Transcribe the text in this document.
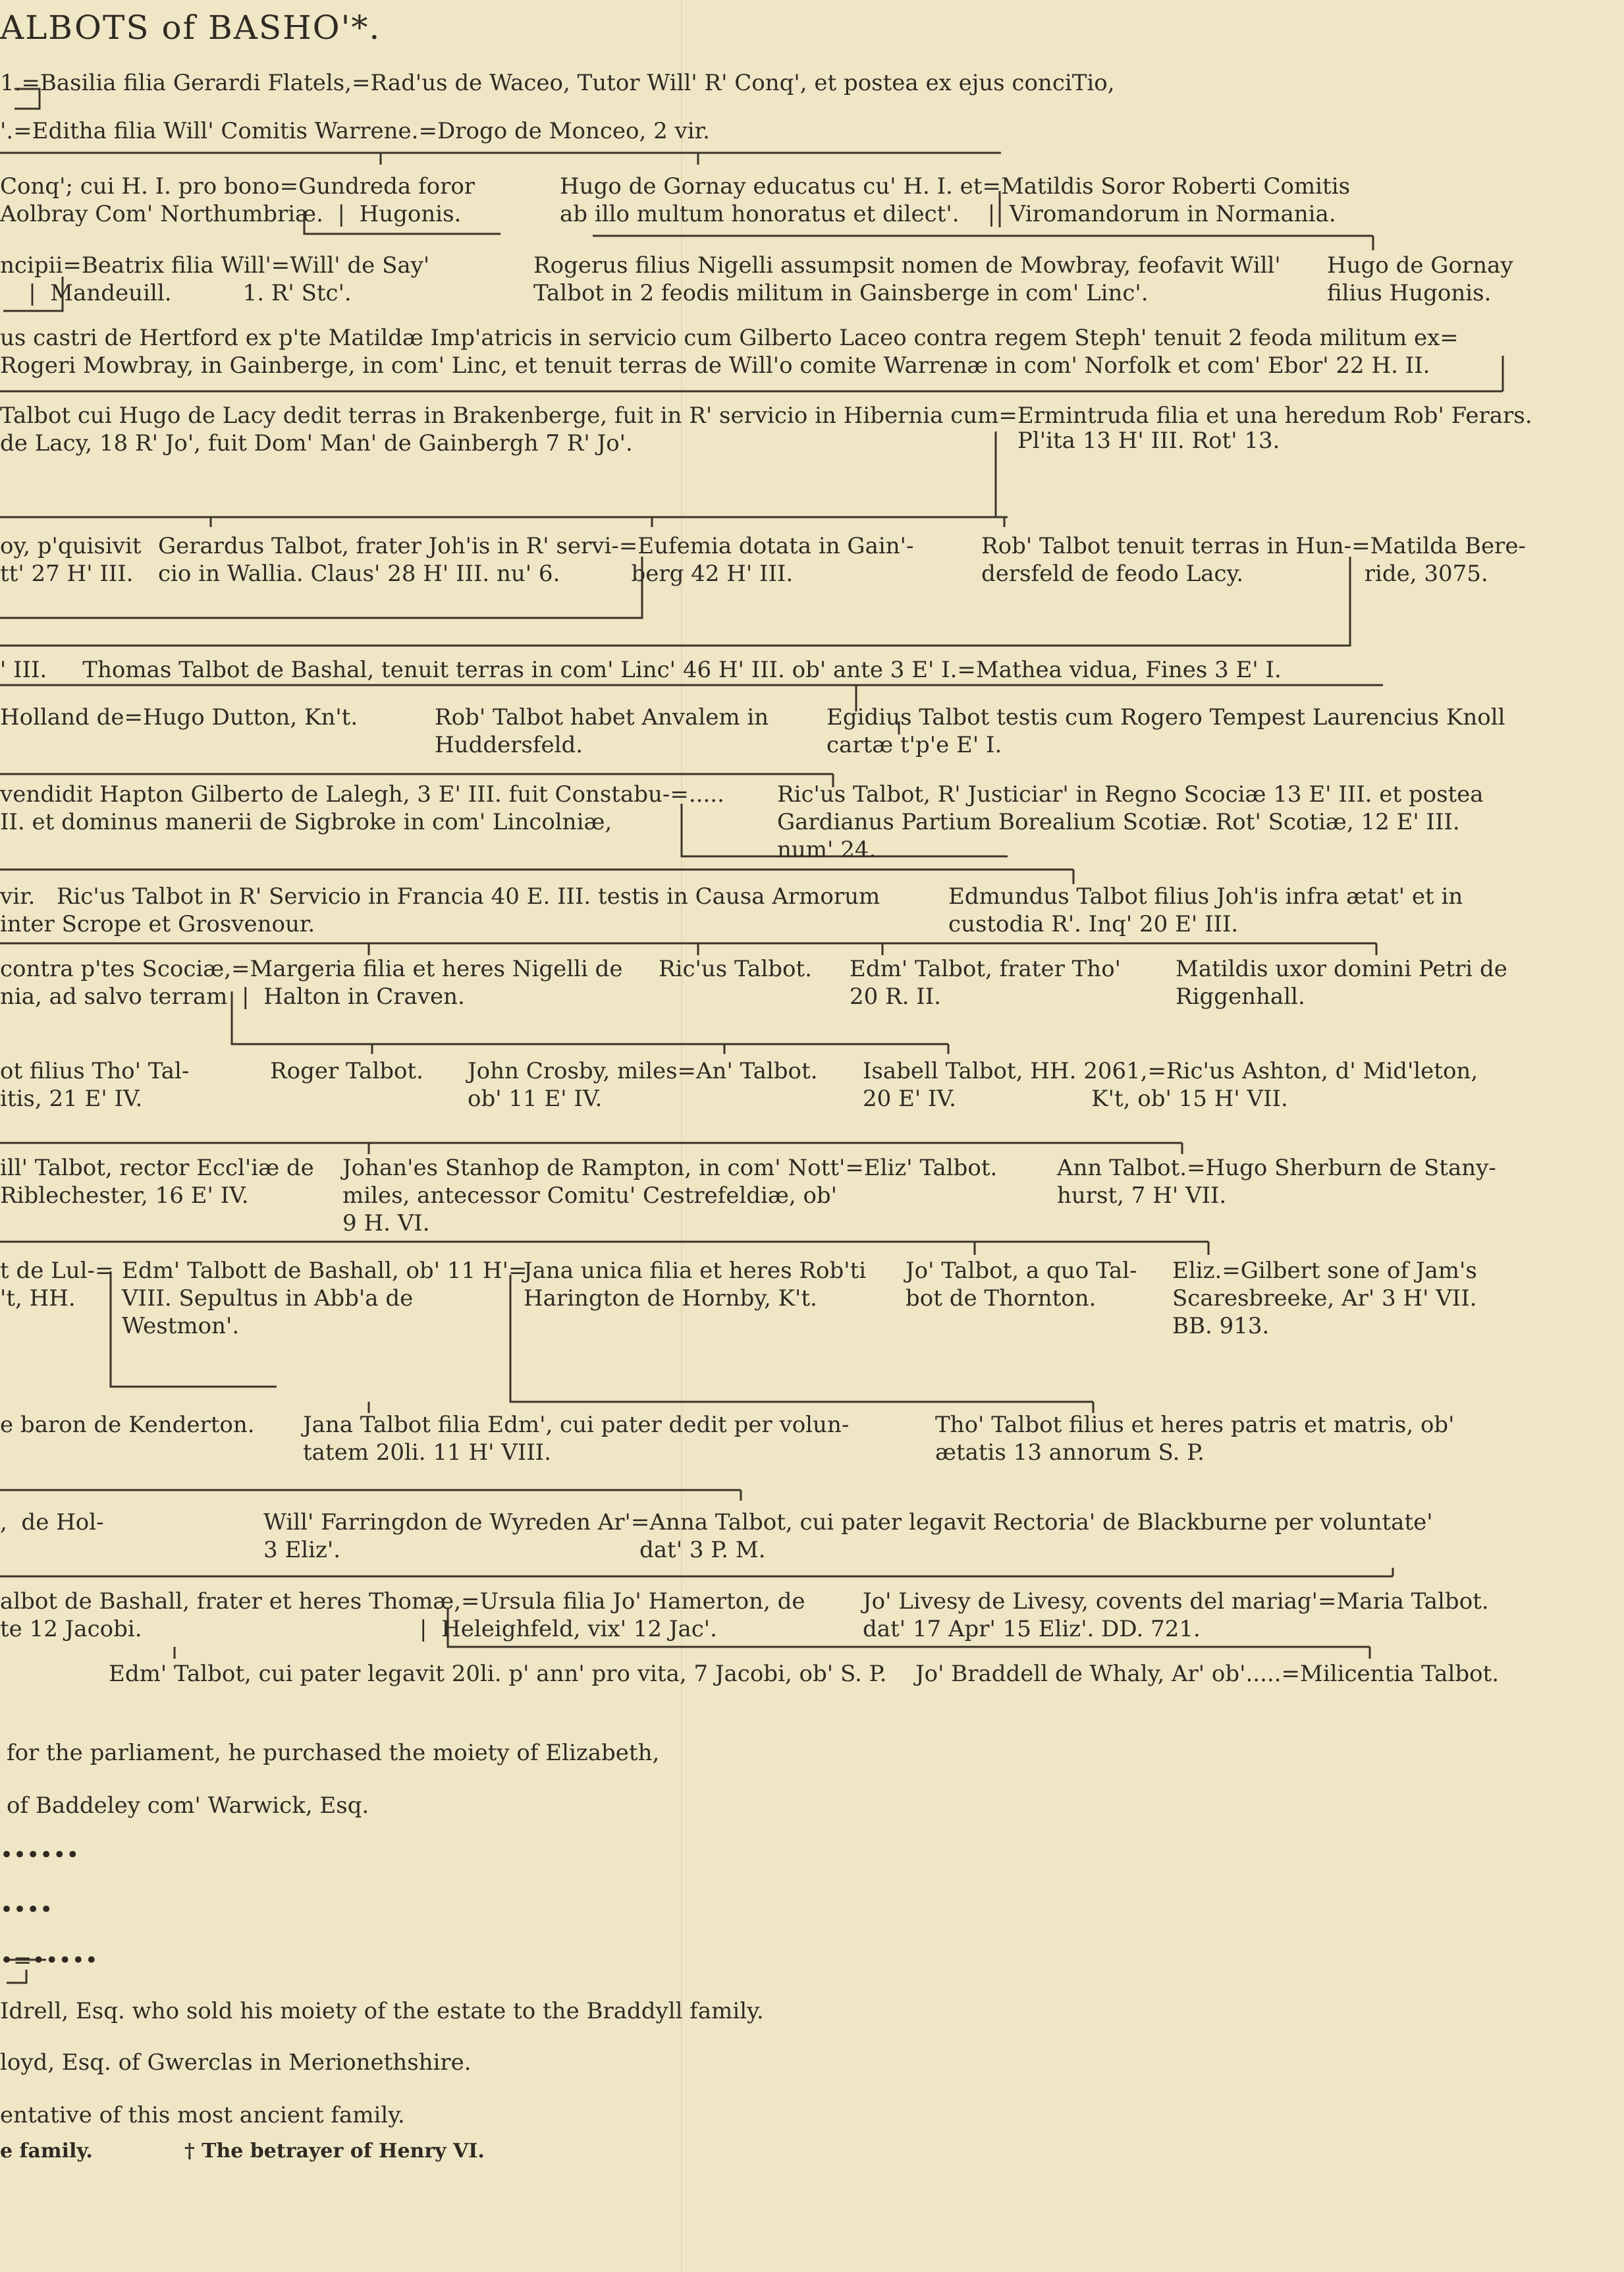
ALBOTS of BASHO'*.
1.=Basilia filia Gerardi Flatels,=Rad'us de Waceo, Tutor Will' R' Conq', et postea ex ejus conciTio,
'.=Editha filia Will' Comitis Warrene.=Drogo de Monceo, 2 vir.
Conq'; cui H. I. pro bono=Gundreda foror
Aolbray Com' Northumbriæ.  |  Hugonis.
Hugo de Gornay educatus cu' H. I. et=Matildis Soror Roberti Comitis
ab illo multum honoratus et dilect'.    |  Viromandorum in Normania.
ncipii=Beatrix filia Will'=Will' de Say'
|  Mandeuill.          1. R' Stc'.
Rogerus filius Nigelli assumpsit nomen de Mowbray, feofavit Will'
Talbot in 2 feodis militum in Gainsberge in com' Linc'.
Hugo de Gornay
filius Hugonis.
us castri de Hertford ex p'te Matildæ Imp'atricis in servicio cum Gilberto Laceo contra regem Steph' tenuit 2 feoda militum ex=
Rogeri Mowbray, in Gainberge, in com' Linc, et tenuit terras de Will'o comite Warrenæ in com' Norfolk et com' Ebor' 22 H. II.
Talbot cui Hugo de Lacy dedit terras in Brakenberge, fuit in R' servicio in Hibernia cum=Ermintruda filia et una heredum Rob' Ferars.
de Lacy, 18 R' Jo', fuit Dom' Man' de Gainbergh 7 R' Jo'.	Pl'ita 13 H' III. Rot' 13.
oy, p'quisivit
tt' 27 H' III.
Gerardus Talbot, frater Joh'is in R' servi-=Eufemia dotata in Gain'-
cio in Wallia. Claus' 28 H' III. nu' 6.          berg 42 H' III.
Rob' Talbot tenuit terras in Hun-=Matilda Bere-
dersfeld de feodo Lacy.                 ride, 3075.
' III.     Thomas Talbot de Bashal, tenuit terras in com' Linc' 46 H' III. ob' ante 3 E' I.=Mathea vidua, Fines 3 E' I.
Holland de=Hugo Dutton, Kn't.	Rob' Talbot habet Anvalem in
Huddersfeld.
Egidius Talbot testis cum Rogero Tempest Laurencius Knoll
cartæ t'p'e E' I.
vendidit Hapton Gilberto de Lalegh, 3 E' III. fuit Constabu-=.....
II. et dominus manerii de Sigbroke in com' Lincolniæ,
Ric'us Talbot, R' Justiciar' in Regno Scociæ 13 E' III. et postea
Gardianus Partium Borealium Scotiæ. Rot' Scotiæ, 12 E' III.
num' 24.
vir.   Ric'us Talbot in R' Servicio in Francia 40 E. III. testis in Causa Armorum
inter Scrope et Grosvenour.
Edmundus Talbot filius Joh'is infra ætat' et in
custodia R'. Inq' 20 E' III.
contra p'tes Scociæ,=Margeria filia et heres Nigelli de
nia, ad salvo terram  |  Halton in Craven.
Ric'us Talbot. Edm' Talbot, frater Tho'
20 R. II.
Matildis uxor domini Petri de
Riggenhall.
ot filius Tho' Tal-
itis, 21 E' IV.
Roger Talbot. John Crosby, miles=An' Talbot.
ob' 11 E' IV.
Isabell Talbot, HH. 2061,=Ric'us Ashton, d' Mid'leton,
20 E' IV.                   K't, ob' 15 H' VII.
ill' Talbot, rector Eccl'iæ de
Riblechester, 16 E' IV.
Johan'es Stanhop de Rampton, in com' Nott'=Eliz' Talbot.
miles, antecessor Comitu' Cestrefeldiæ, ob'
9 H. VI.
Ann Talbot.=Hugo Sherburn de Stany-
hurst, 7 H' VII.
t de Lul-=
't, HH.
Edm' Talbott de Bashall, ob' 11 H'=
VIII. Sepultus in Abb'a de
Westmon'.
Jana unica filia et heres Rob'ti
Harington de Hornby, K't.
Jo' Talbot, a quo Tal-
bot de Thornton.
Eliz.=Gilbert sone of Jam's
Scaresbreeke, Ar' 3 H' VII.
BB. 913.
e baron de Kenderton. Jana Talbot filia Edm', cui pater dedit per volun-
tatem 20li. 11 H' VIII.
Tho' Talbot filius et heres patris et matris, ob'
ætatis 13 annorum S. P.
,  de Hol-	Will' Farringdon de Wyreden Ar'=Anna Talbot, cui pater legavit Rectoria' de Blackburne per voluntate'
3 Eliz'.                                          dat' 3 P. M.
albot de Bashall, frater et heres Thomæ,=Ursula filia Jo' Hamerton, de
te 12 Jacobi.                                       |  Heleighfeld, vix' 12 Jac'.
Jo' Livesy de Livesy, covents del mariag'=Maria Talbot.
dat' 17 Apr' 15 Eliz'. DD. 721.
Edm' Talbot, cui pater legavit 20li. p' ann' pro vita, 7 Jacobi, ob' S. P. Jo' Braddell de Whaly, Ar' ob'.....=Milicentia Talbot.
for the parliament, he purchased the moiety of Elizabeth,
of Baddeley com' Warwick, Esq.
••••••
••••
•=•••••
Idrell, Esq. who sold his moiety of the estate to the Braddyll family.
loyd, Esq. of Gwerclas in Merionethshire.
entative of this most ancient family.
e family.	† The betrayer of Henry VI.
